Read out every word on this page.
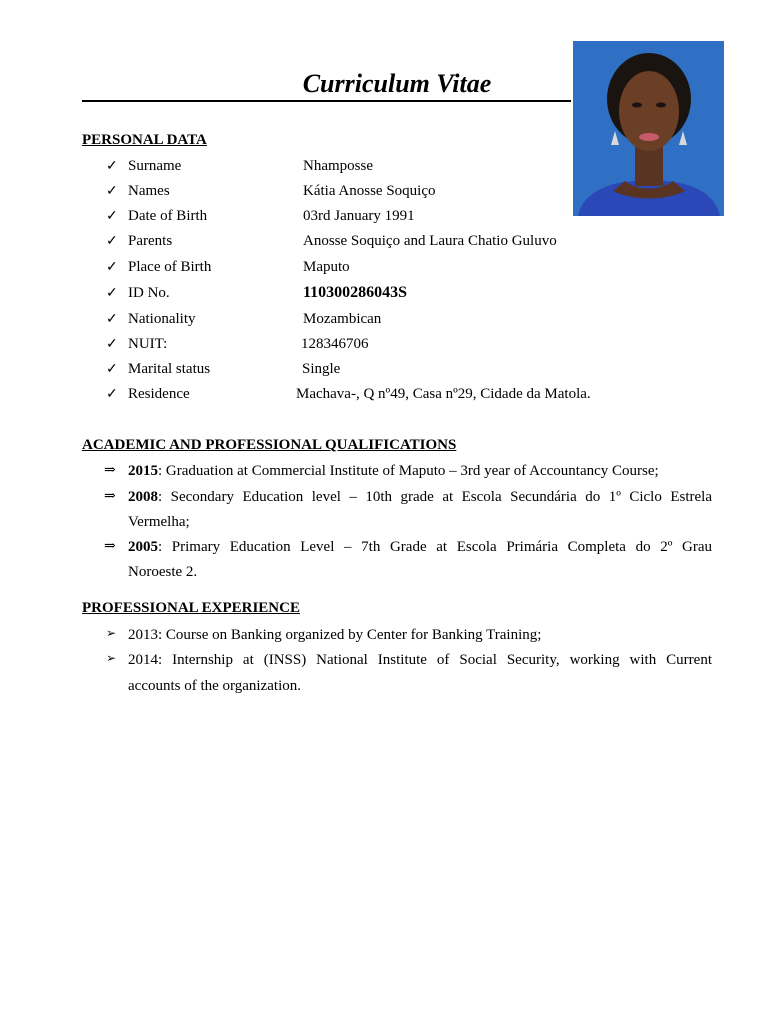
Curriculum Vitae
PERSONAL DATA
✓ Surname	Nhamposse
✓ Names	Kátia Anosse Soquiço
✓ Date of Birth	03rd January 1991
✓ Parents	Anosse Soquiço and Laura Chatio Guluvo
✓ Place of Birth	Maputo
✓ ID No.	110300286043S
✓ Nationality	Mozambican
✓ NUIT:	128346706
✓ Marital status	Single
✓ Residence	Machava-, Q nº49, Casa nº29, Cidade da Matola.
ACADEMIC AND PROFESSIONAL QUALIFICATIONS
⇒ 2015: Graduation at Commercial Institute of Maputo – 3rd year of Accountancy Course;
⇒ 2008: Secondary Education level – 10th grade at Escola Secundária do 1º Ciclo Estrela
Vermelha;
⇒ 2005: Primary Education Level – 7th Grade at Escola Primária Completa do 2º Grau
Noroeste 2.
PROFESSIONAL EXPERIENCE
➢ 2013: Course on Banking organized by Center for Banking Training;
➢ 2014: Internship at (INSS) National Institute of Social Security, working with Current
accounts of the organization.
